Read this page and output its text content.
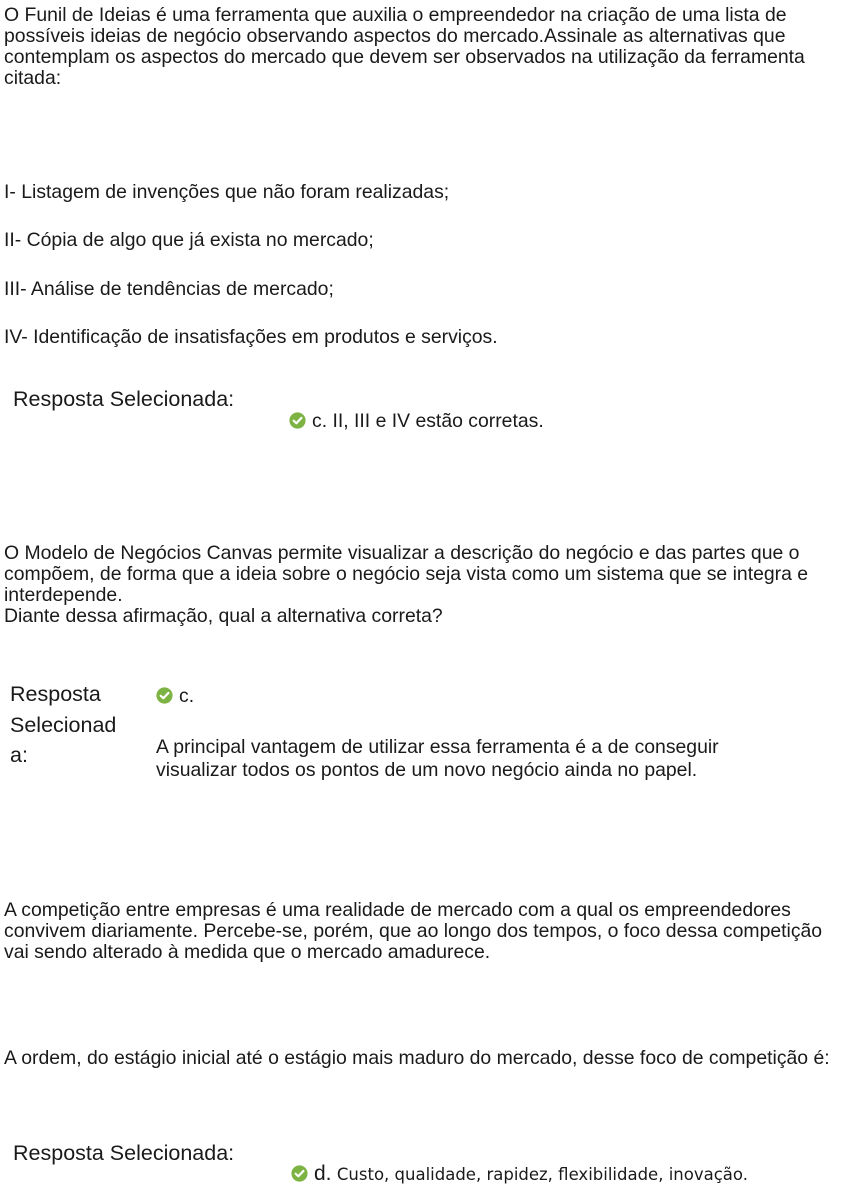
O Funil de Ideias é uma ferramenta que auxilia o empreendedor na criação de uma lista de possíveis ideias de negócio observando aspectos do mercado.Assinale as alternativas que contemplam os aspectos do mercado que devem ser observados na utilização da ferramenta citada:

I- Listagem de invenções que não foram realizadas;

II- Cópia de algo que já exista no mercado;

III- Análise de tendências de mercado;

IV- Identificação de insatisfações em produtos e serviços.

Resposta Selecionada:
c. II, III e IV estão corretas.
O Modelo de Negócios Canvas permite visualizar a descrição do negócio e das partes que o compõem, de forma que a ideia sobre o negócio seja vista como um sistema que se integra e interdepende.
Diante dessa afirmação, qual a alternativa correta?
Resposta
Selecionad
a:
c.
A principal vantagem de utilizar essa ferramenta é a de conseguir
visualizar todos os pontos de um novo negócio ainda no papel.

A competição entre empresas é uma realidade de mercado com a qual os empreendedores convivem diariamente. Percebe-se, porém, que ao longo dos tempos, o foco dessa competição vai sendo alterado à medida que o mercado amadurece.

A ordem, do estágio inicial até o estágio mais maduro do mercado, desse foco de competição é:

Resposta Selecionada:
d. Custo, qualidade, rapidez, flexibilidade, inovação.
